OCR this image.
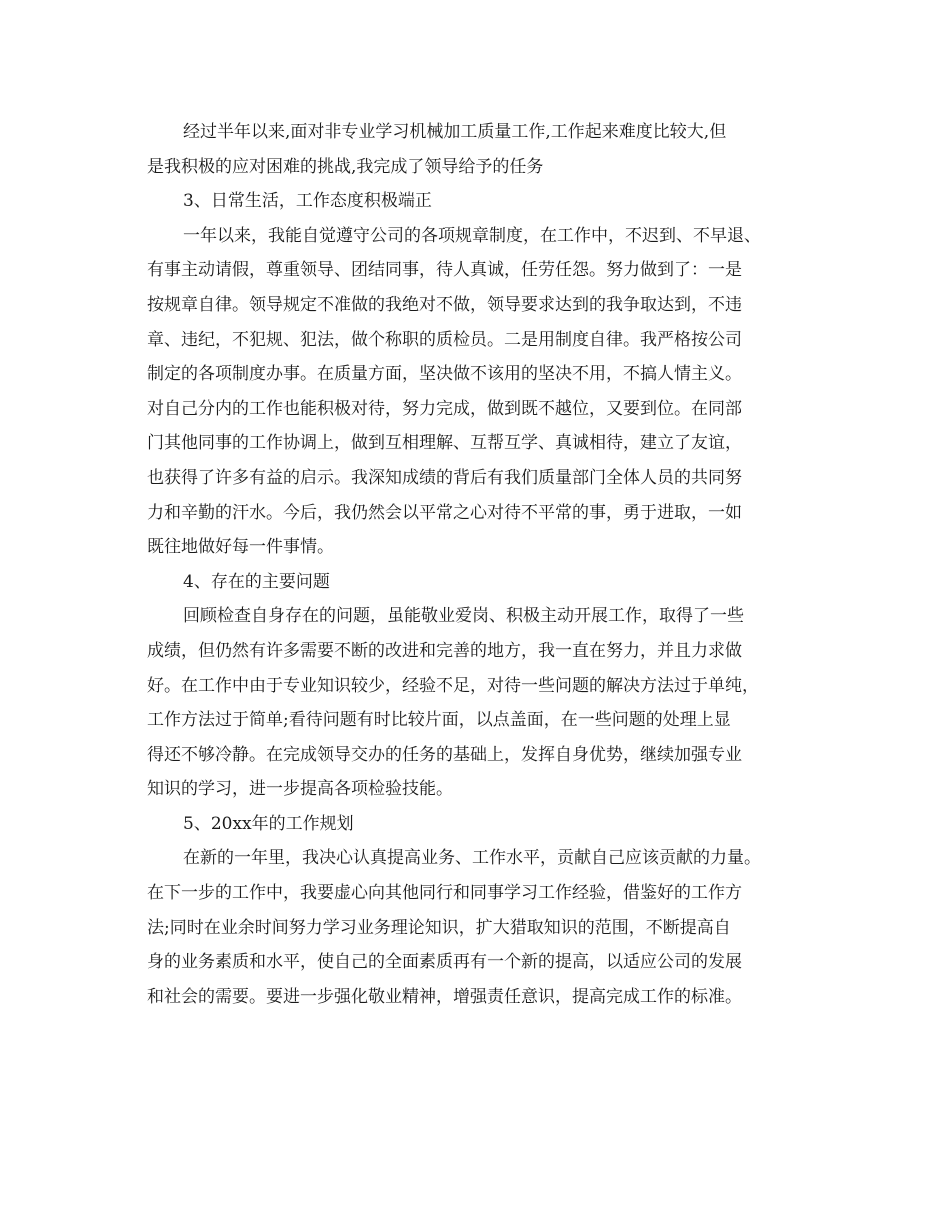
经过半年以来,面对非专业学习机械加工质量工作,工作起来难度比较大,但
是我积极的应对困难的挑战,我完成了领导给予的任务
3、日常生活，工作态度积极端正
一年以来，我能自觉遵守公司的各项规章制度，在工作中，不迟到、不早退、
有事主动请假，尊重领导、团结同事，待人真诚，任劳任怨。努力做到了：一是
按规章自律。领导规定不准做的我绝对不做，领导要求达到的我争取达到，不违
章、违纪，不犯规、犯法，做个称职的质检员。二是用制度自律。我严格按公司
制定的各项制度办事。在质量方面，坚决做不该用的坚决不用，不搞人情主义。
对自己分内的工作也能积极对待，努力完成，做到既不越位，又要到位。在同部
门其他同事的工作协调上，做到互相理解、互帮互学、真诚相待，建立了友谊，
也获得了许多有益的启示。我深知成绩的背后有我们质量部门全体人员的共同努
力和辛勤的汗水。今后，我仍然会以平常之心对待不平常的事，勇于进取，一如
既往地做好每一件事情。
4、存在的主要问题
回顾检查自身存在的问题，虽能敬业爱岗、积极主动开展工作，取得了一些
成绩，但仍然有许多需要不断的改进和完善的地方，我一直在努力，并且力求做
好。在工作中由于专业知识较少，经验不足，对待一些问题的解决方法过于单纯，
工作方法过于简单;看待问题有时比较片面，以点盖面，在一些问题的处理上显
得还不够冷静。在完成领导交办的任务的基础上，发挥自身优势，继续加强专业
知识的学习，进一步提高各项检验技能。
5、20xx年的工作规划
在新的一年里，我决心认真提高业务、工作水平，贡献自己应该贡献的力量。
在下一步的工作中，我要虚心向其他同行和同事学习工作经验，借鉴好的工作方
法;同时在业余时间努力学习业务理论知识，扩大猎取知识的范围，不断提高自
身的业务素质和水平，使自己的全面素质再有一个新的提高，以适应公司的发展
和社会的需要。要进一步强化敬业精神，增强责任意识，提高完成工作的标准。
